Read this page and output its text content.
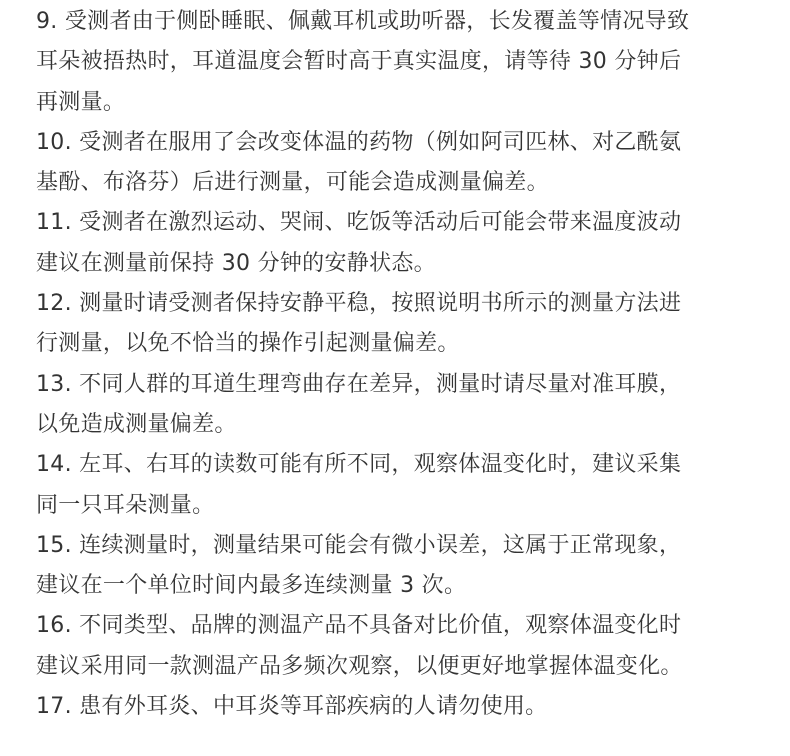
9. 受测者由于侧卧睡眠、佩戴耳机或助听器，长发覆盖等情况导致
耳朵被捂热时，耳道温度会暂时高于真实温度，请等待 30 分钟后
再测量。

10. 受测者在服用了会改变体温的药物（例如阿司匹林、对乙酰氨
基酚、布洛芬）后进行测量，可能会造成测量偏差。

11. 受测者在激烈运动、哭闹、吃饭等活动后可能会带来温度波动
建议在测量前保持 30 分钟的安静状态。

12. 测量时请受测者保持安静平稳，按照说明书所示的测量方法进
行测量，以免不恰当的操作引起测量偏差。

13. 不同人群的耳道生理弯曲存在差异，测量时请尽量对准耳膜，
以免造成测量偏差。

14. 左耳、右耳的读数可能有所不同，观察体温变化时，建议采集
同一只耳朵测量。

15. 连续测量时，测量结果可能会有微小误差，这属于正常现象，
建议在一个单位时间内最多连续测量 3 次。

16. 不同类型、品牌的测温产品不具备对比价值，观察体温变化时
建议采用同一款测温产品多频次观察，以便更好地掌握体温变化。

17. 患有外耳炎、中耳炎等耳部疾病的人请勿使用。
